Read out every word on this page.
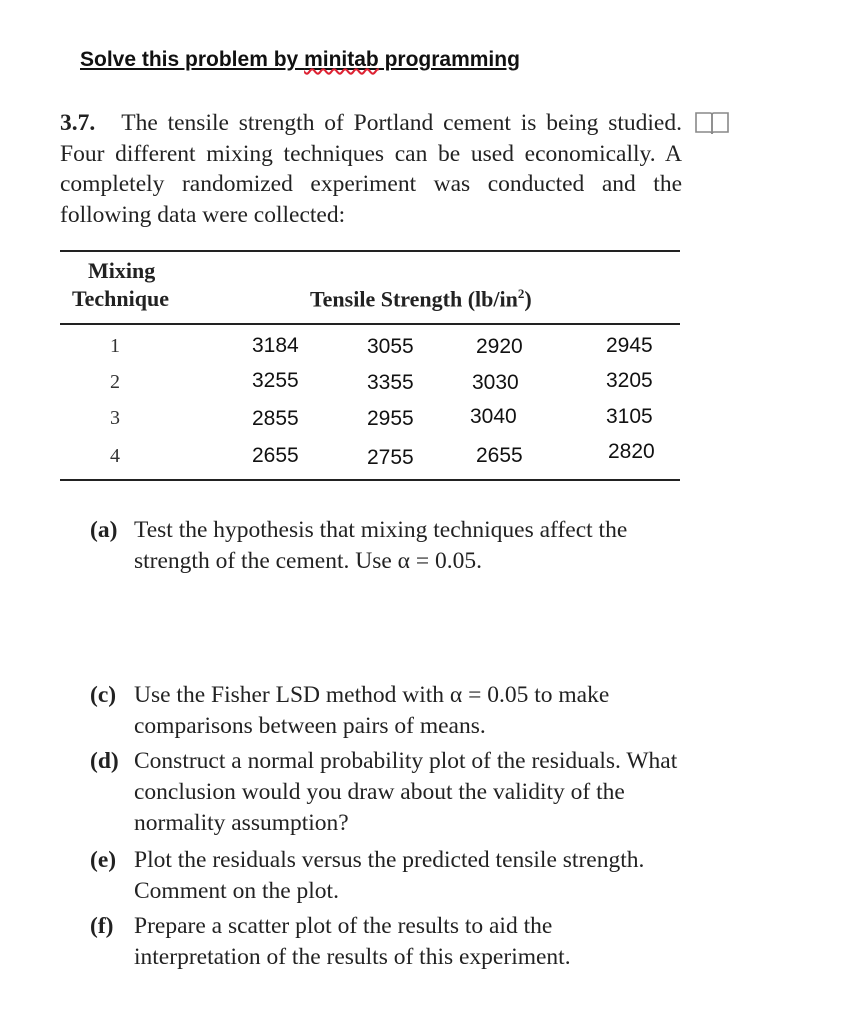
Solve this problem by minitab programming
3.7. The tensile strength of Portland cement is being studied. Four different mixing techniques can be used economically. A completely randomized experiment was conducted and the following data were collected:
Mixing
Technique	Tensile Strength $(lb/in^2)$
1	3184	3055	2920	2945
2	3255	3355	3030	3205
3	2855	2955	3040	3105
4	2655	2755	2655	2820
(a) Test the hypothesis that mixing techniques affect the strength of the cement. Use α = 0.05.
(c) Use the Fisher LSD method with α = 0.05 to make comparisons between pairs of means.
(d) Construct a normal probability plot of the residuals. What conclusion would you draw about the validity of the normality assumption?
(e) Plot the residuals versus the predicted tensile strength. Comment on the plot.
(f) Prepare a scatter plot of the results to aid the interpretation of the results of this experiment.
